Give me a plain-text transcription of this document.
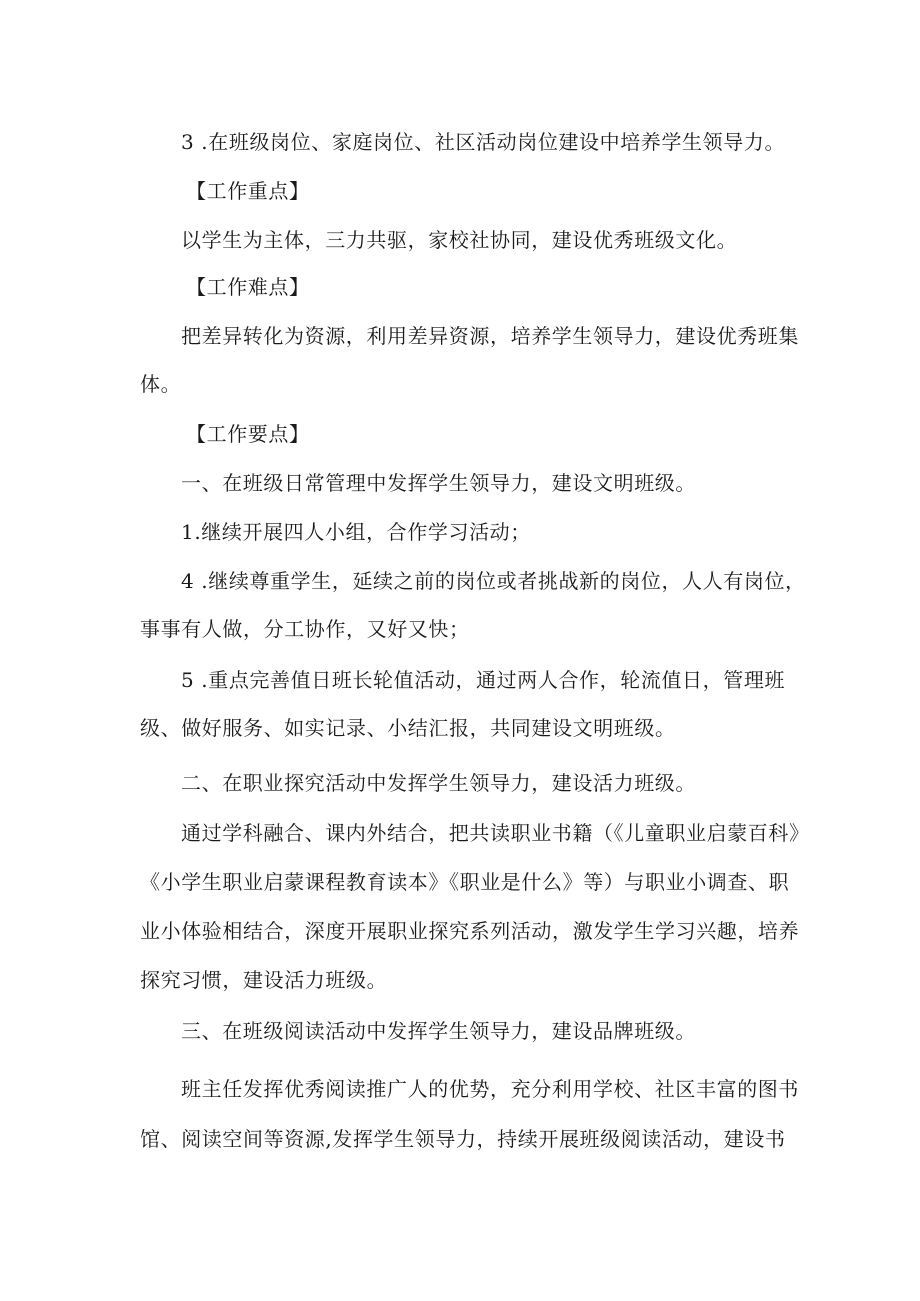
3 .在班级岗位、家庭岗位、社区活动岗位建设中培养学生领导力。
【工作重点】
以学生为主体，三力共驱，家校社协同，建设优秀班级文化。
【工作难点】
把差异转化为资源，利用差异资源，培养学生领导力，建设优秀班集
体。
【工作要点】
一、在班级日常管理中发挥学生领导力，建设文明班级。
1.继续开展四人小组，合作学习活动；
4 .继续尊重学生，延续之前的岗位或者挑战新的岗位，人人有岗位，
事事有人做，分工协作，又好又快；
5 .重点完善值日班长轮值活动，通过两人合作，轮流值日，管理班
级、做好服务、如实记录、小结汇报，共同建设文明班级。
二、在职业探究活动中发挥学生领导力，建设活力班级。
通过学科融合、课内外结合，把共读职业书籍（《儿童职业启蒙百科》
《小学生职业启蒙课程教育读本》《职业是什么》等）与职业小调查、职
业小体验相结合，深度开展职业探究系列活动，激发学生学习兴趣，培养
探究习惯，建设活力班级。
三、在班级阅读活动中发挥学生领导力，建设品牌班级。
班主任发挥优秀阅读推广人的优势，充分利用学校、社区丰富的图书
馆、阅读空间等资源,发挥学生领导力，持续开展班级阅读活动，建设书
